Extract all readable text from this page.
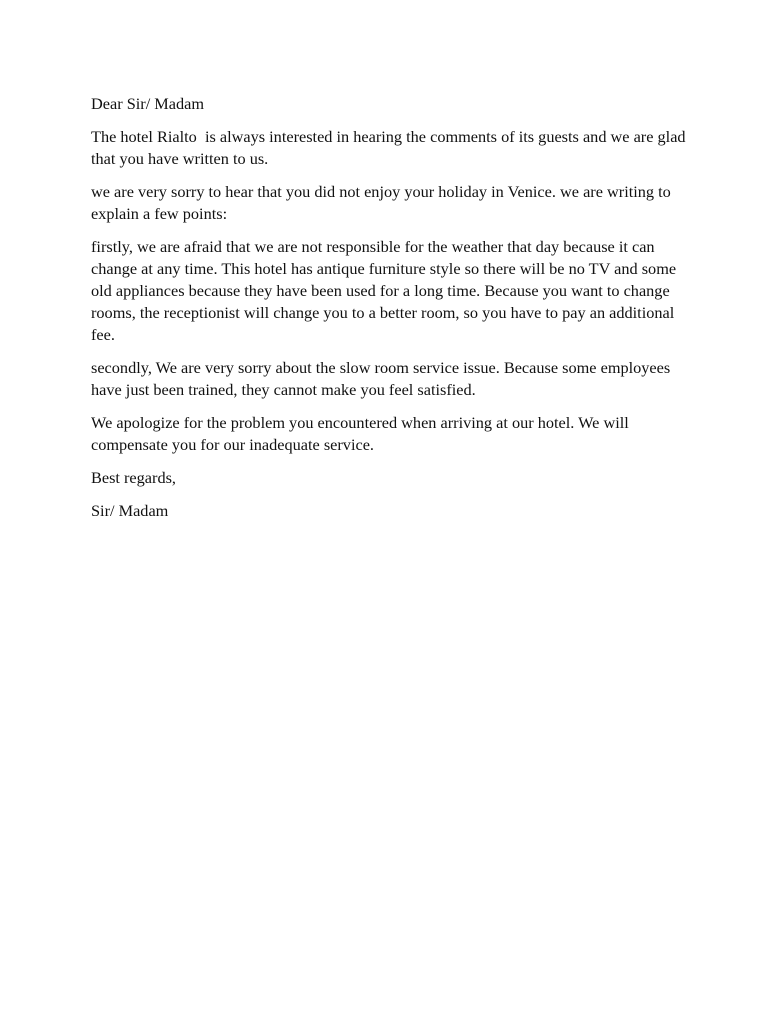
Dear Sir/ Madam

The hotel Rialto  is always interested in hearing the comments of its guests and we are glad that you have written to us.

we are very sorry to hear that you did not enjoy your holiday in Venice. we are writing to explain a few points:

firstly, we are afraid that we are not responsible for the weather that day because it can change at any time. This hotel has antique furniture style so there will be no TV and some old appliances because they have been used for a long time. Because you want to change rooms, the receptionist will change you to a better room, so you have to pay an additional fee.

secondly, We are very sorry about the slow room service issue. Because some employees have just been trained, they cannot make you feel satisfied.

We apologize for the problem you encountered when arriving at our hotel. We will compensate you for our inadequate service.

Best regards,

Sir/ Madam
